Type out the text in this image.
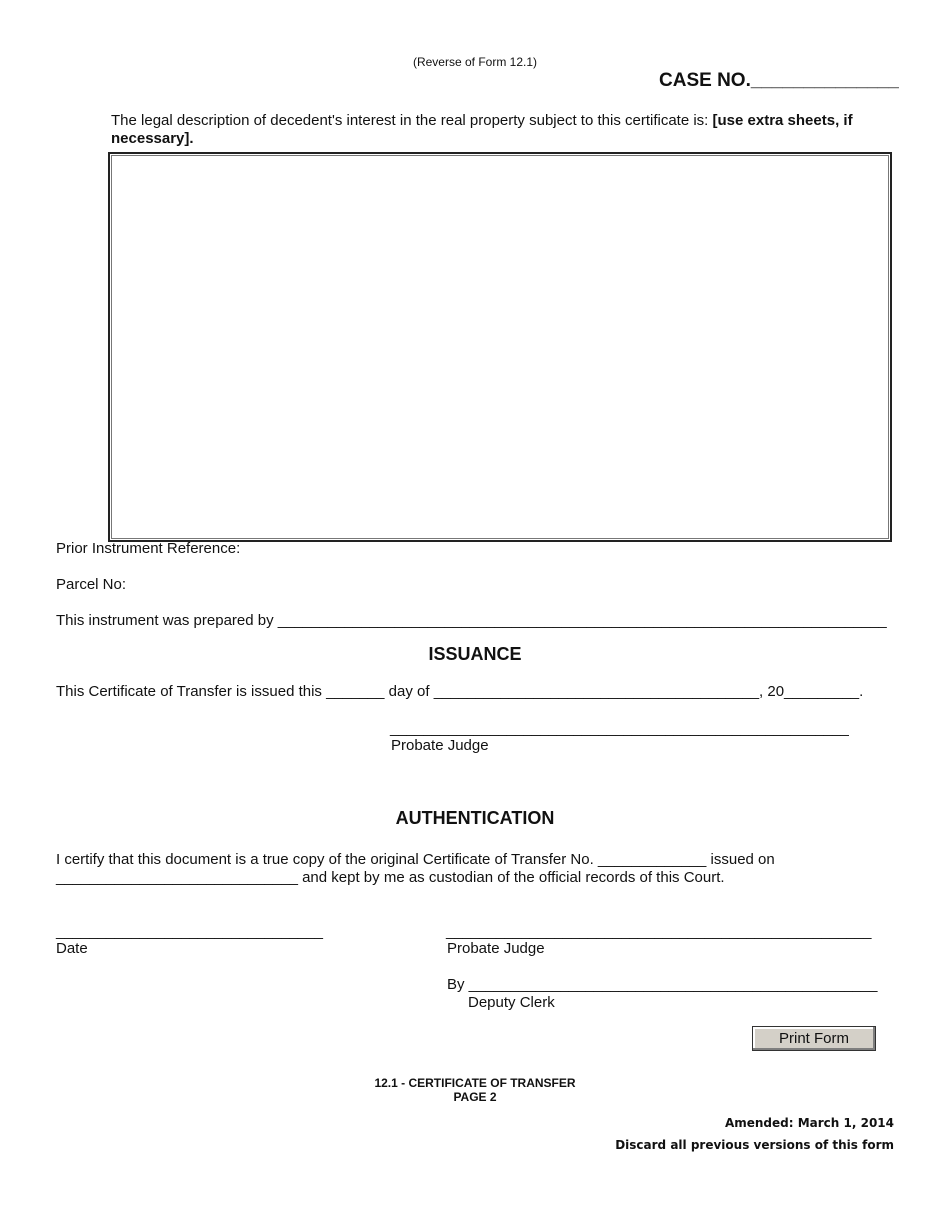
(Reverse of Form 12.1)
CASE NO.______________
The legal description of decedent's interest in the real property subject to this certificate is: [use extra sheets, if necessary].
Prior Instrument Reference:
Parcel No:
This instrument was prepared by _________________________________________________________________________
ISSUANCE
This Certificate of Transfer is issued this _______ day of _______________________________________, 20_________.
_______________________________________________________
Probate Judge
AUTHENTICATION
I certify that this document is a true copy of the original Certificate of Transfer No. _____________ issued on
_____________________________ and kept by me as custodian of the official records of this Court.
________________________________
Date
___________________________________________________
Probate Judge
By _________________________________________________
Deputy Clerk
Print Form
12.1 - CERTIFICATE OF TRANSFER
PAGE 2
Amended: March 1, 2014
Discard all previous versions of this form
